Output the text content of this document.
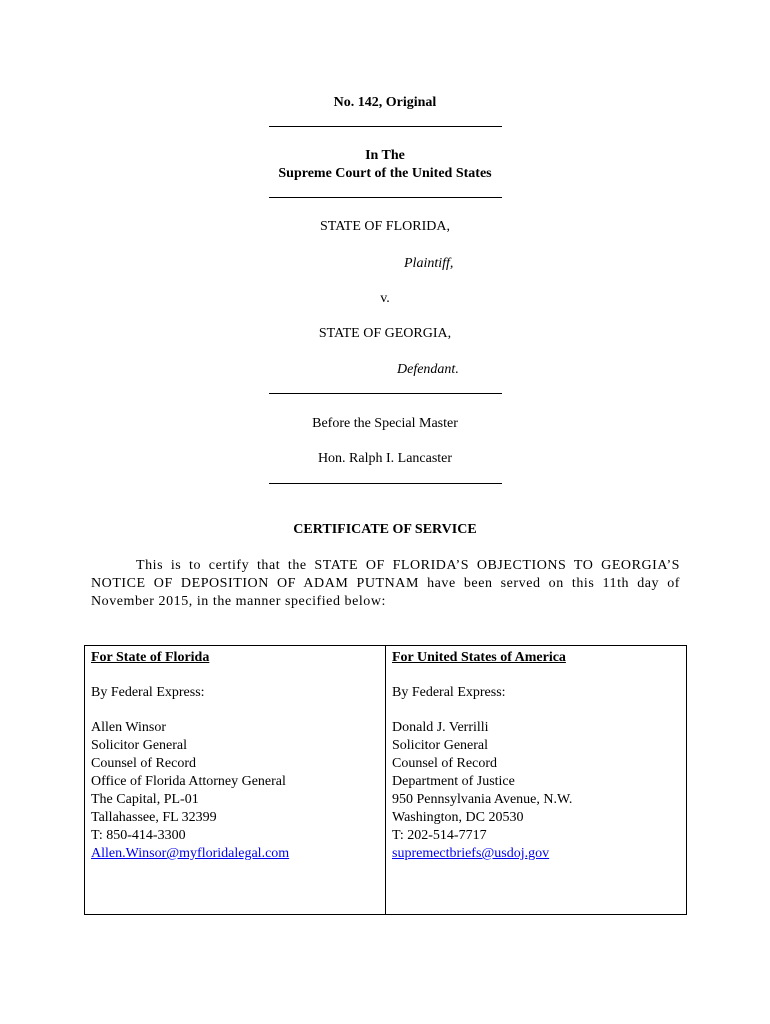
No. 142, Original
In The
Supreme Court of the United States
STATE OF FLORIDA,
Plaintiff,
v.
STATE OF GEORGIA,
Defendant.
Before the Special Master
Hon. Ralph I. Lancaster
CERTIFICATE OF SERVICE
This is to certify that the STATE OF FLORIDA’S OBJECTIONS TO GEORGIA’S NOTICE OF DEPOSITION OF ADAM PUTNAM have been served on this 11th day of November 2015, in the manner specified below:
For State of Florida
By Federal Express:
Allen Winsor
Solicitor General
Counsel of Record
Office of Florida Attorney General
The Capital, PL-01
Tallahassee, FL 32399
T: 850-414-3300
Allen.Winsor@myfloridalegal.com
For United States of America
By Federal Express:
Donald J. Verrilli
Solicitor General
Counsel of Record
Department of Justice
950 Pennsylvania Avenue, N.W.
Washington, DC 20530
T: 202-514-7717
supremectbriefs@usdoj.gov
